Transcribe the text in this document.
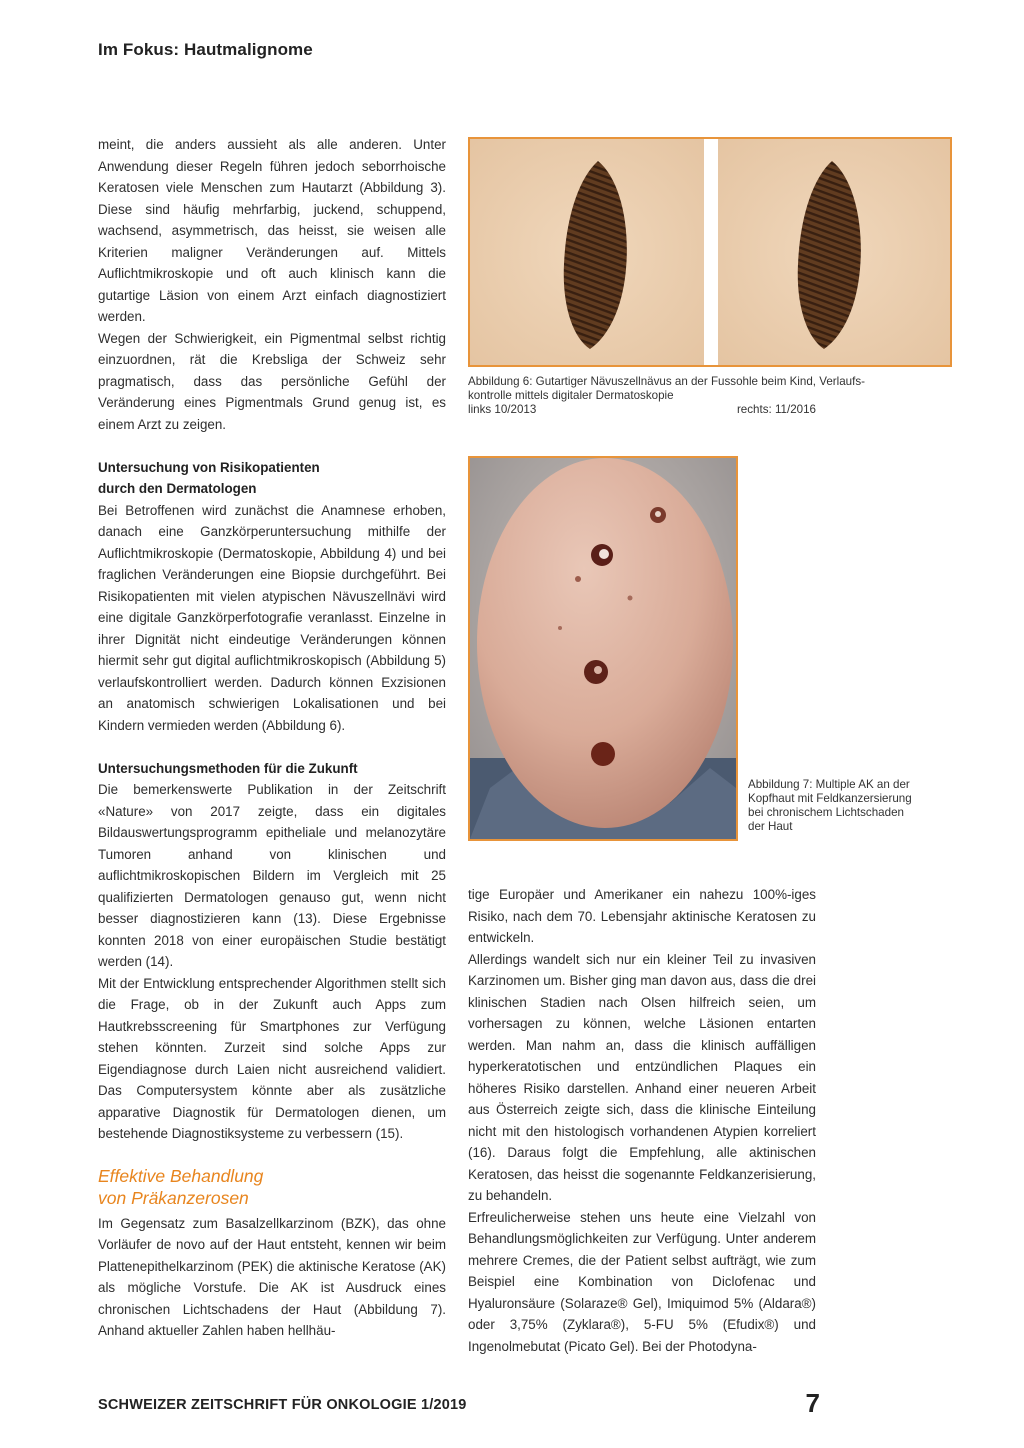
Im Fokus: Hautmalignome

meint, die anders aussieht als alle anderen. Unter Anwendung dieser Regeln führen jedoch seborrhoische Keratosen viele Menschen zum Hautarzt (Abbildung 3). Diese sind häufig mehrfarbig, juckend, schuppend, wachsend, asymmetrisch, das heisst, sie weisen alle Kriterien maligner Veränderungen auf. Mittels Auflichtmikroskopie und oft auch klinisch kann die gutartige Läsion von einem Arzt einfach diagnostiziert werden.

Wegen der Schwierigkeit, ein Pigmentmal selbst richtig einzuordnen, rät die Krebsliga der Schweiz sehr pragmatisch, dass das persönliche Gefühl der Veränderung eines Pigmentmals Grund genug ist, es einem Arzt zu zeigen.

Untersuchung von Risikopatienten
durch den Dermatologen

Bei Betroffenen wird zunächst die Anamnese erhoben, danach eine Ganzkörperuntersuchung mithilfe der Auflichtmikroskopie (Dermatoskopie, Abbildung 4) und bei fraglichen Veränderungen eine Biopsie durchgeführt. Bei Risikopatienten mit vielen atypischen Nävuszellnävi wird eine digitale Ganzkörperfotografie veranlasst. Einzelne in ihrer Dignität nicht eindeutige Veränderungen können hiermit sehr gut digital auflichtmikroskopisch (Abbildung 5) verlaufskontrolliert werden. Dadurch können Exzisionen an anatomisch schwierigen Lokalisationen und bei Kindern vermieden werden (Abbildung 6).

Untersuchungsmethoden für die Zukunft

Die bemerkenswerte Publikation in der Zeitschrift «Nature» von 2017 zeigte, dass ein digitales Bildauswertungsprogramm epitheliale und melanozytäre Tumoren anhand von klinischen und auflichtmikroskopischen Bildern im Vergleich mit 25 qualifizierten Dermatologen genauso gut, wenn nicht besser diagnostizieren kann (13). Diese Ergebnisse konnten 2018 von einer europäischen Studie bestätigt werden (14).

Mit der Entwicklung entsprechender Algorithmen stellt sich die Frage, ob in der Zukunft auch Apps zum Hautkrebsscreening für Smartphones zur Verfügung stehen könnten. Zurzeit sind solche Apps zur Eigendiagnose durch Laien nicht ausreichend validiert. Das Computersystem könnte aber als zusätzliche apparative Diagnostik für Dermatologen dienen, um bestehende Diagnostiksysteme zu verbessern (15).

Effektive Behandlung
von Präkanzerosen

Im Gegensatz zum Basalzellkarzinom (BZK), das ohne Vorläufer de novo auf der Haut entsteht, kennen wir beim Plattenepithelkarzinom (PEK) die aktinische Keratose (AK) als mögliche Vorstufe. Die AK ist Ausdruck eines chronischen Lichtschadens der Haut (Abbildung 7). Anhand aktueller Zahlen haben hellhäu-

Abbildung 6: Gutartiger Nävuszellnävus an der Fussohle beim Kind, Verlaufs-
kontrolle mittels digitaler Dermatoskopie
links 10/2013	rechts: 11/2016
Abbildung 7: Multiple AK an der
Kopfhaut mit Feldkanzersierung
bei chronischem Lichtschaden
der Haut

tige Europäer und Amerikaner ein nahezu 100%-iges Risiko, nach dem 70. Lebensjahr aktinische Keratosen zu entwickeln.

Allerdings wandelt sich nur ein kleiner Teil zu invasiven Karzinomen um. Bisher ging man davon aus, dass die drei klinischen Stadien nach Olsen hilfreich seien, um vorhersagen zu können, welche Läsionen entarten werden. Man nahm an, dass die klinisch auffälligen hyperkeratotischen und entzündlichen Plaques ein höheres Risiko darstellen. Anhand einer neueren Arbeit aus Österreich zeigte sich, dass die klinische Einteilung nicht mit den histologisch vorhandenen Atypien korreliert (16). Daraus folgt die Empfehlung, alle aktinischen Keratosen, das heisst die sogenannte Feldkanzerisierung, zu behandeln.

Erfreulicherweise stehen uns heute eine Vielzahl von Behandlungsmöglichkeiten zur Verfügung. Unter anderem mehrere Cremes, die der Patient selbst aufträgt, wie zum Beispiel eine Kombination von Diclofenac und Hyaluronsäure (Solaraze® Gel), Imiquimod 5% (Aldara®) oder 3,75% (Zyklara®), 5-FU 5% (Efudix®) und Ingenolmebutat (Picato Gel). Bei der Photodyna-

SCHWEIZER ZEITSCHRIFT FÜR ONKOLOGIE 1/2019	7
